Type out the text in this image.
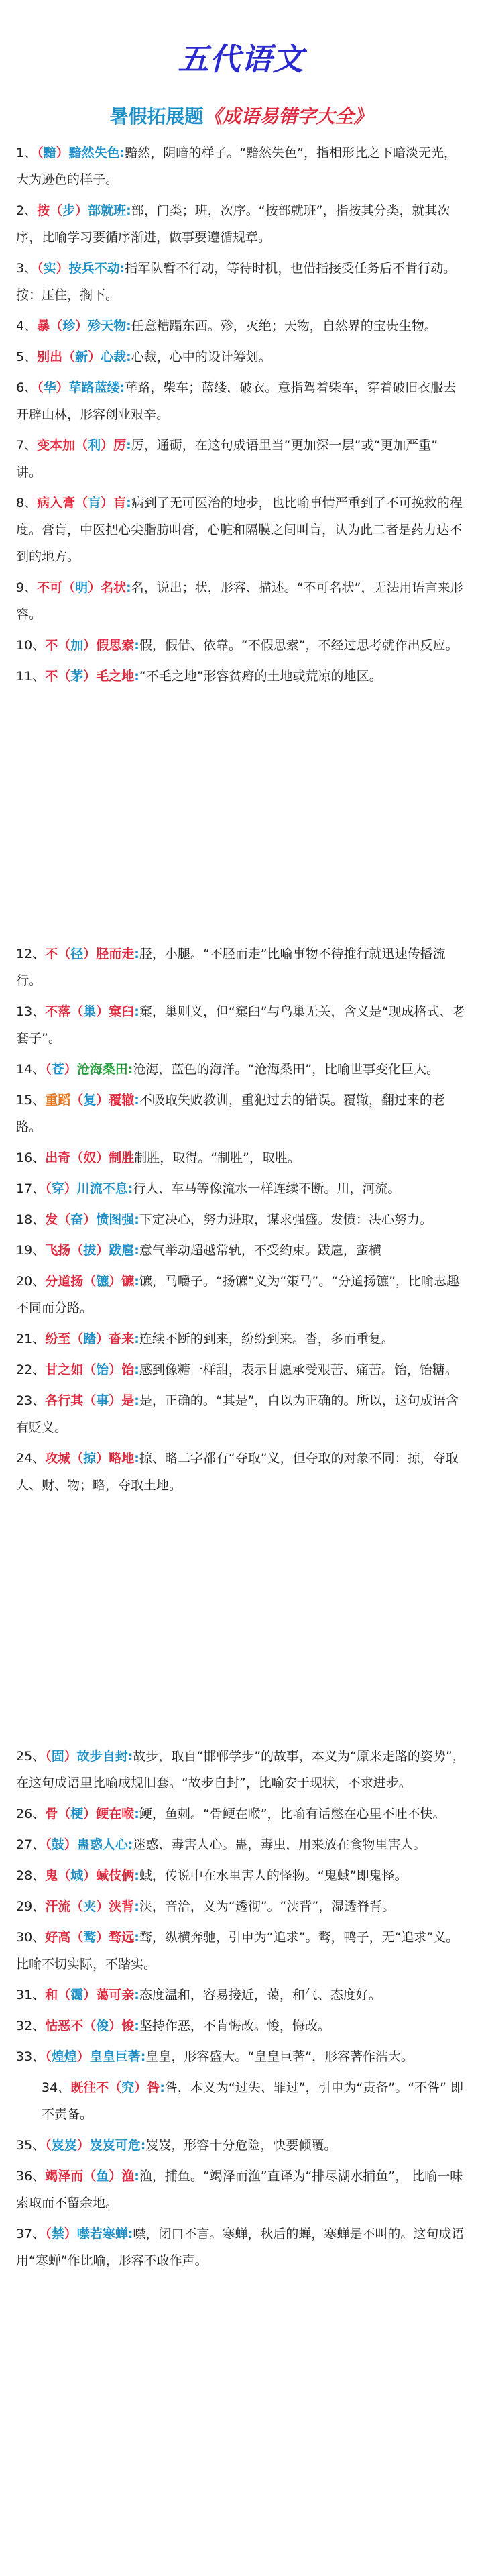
五代语文
暑假拓展题《成语易错字大全》

1、（黯）黯然失色:黯然，阴暗的样子。“黯然失色”，指相形比之下暗淡无光，大为逊色的样子。

2、按（步）部就班:部，门类；班，次序。“按部就班”，指按其分类，就其次序，比喻学习要循序渐进，做事要遵循规章。

3、（实）按兵不动:指军队暂不行动，等待时机，也借指接受任务后不肯行动。按：压住，搁下。

4、暴（珍）殄天物:任意糟蹋东西。殄，灭绝；天物，自然界的宝贵生物。

5、别出（新）心裁:心裁，心中的设计筹划。

6、（华）荜路蓝缕:荜路，柴车；蓝缕，破衣。意指驾着柴车，穿着破旧衣服去开辟山林，形容创业艰辛。

7、变本加（利）厉:厉，通砺，在这句成语里当“更加深一层”或“更加严重” 讲。

8、病入膏（肓）肓:病到了无可医治的地步，也比喻事情严重到了不可挽救的程度。膏肓，中医把心尖脂肪叫膏，心脏和隔膜之间叫肓，认为此二者是药力达不到的地方。

9、不可（明）名状:名，说出；状，形容、描述。“不可名状”，无法用语言来形容。

10、不（加）假思索:假，假借、依靠。“不假思索”，不经过思考就作出反应。

11、不（茅）毛之地:“不毛之地”形容贫瘠的土地或荒凉的地区。

12、不（径）胫而走:胫，小腿。“不胫而走”比喻事物不待推行就迅速传播流行。

13、不落（巢）窠臼:窠，巢则义，但“窠臼”与鸟巢无关，含义是“现成格式、老套子”。

14、（苍）沧海桑田:沧海，蓝色的海洋。“沧海桑田”，比喻世事变化巨大。

15、重蹈（复）覆辙:不吸取失败教训，重犯过去的错误。覆辙，翻过来的老路。

16、出奇（奴）制胜制胜，取得。“制胜”，取胜。

17、（穿）川流不息:行人、车马等像流水一样连续不断。川，河流。

18、发（奋）愤图强:下定决心，努力进取，谋求强盛。发愤：决心努力。

19、飞扬（拔）跋扈:意气举动超越常轨，不受约束。跋扈，蛮横

20、分道扬（镳）镳:镳，马嚼子。“扬镳”义为“策马”。“分道扬镳”，比喻志趣不同而分路。

21、纷至（踏）沓来:连续不断的到来，纷纷到来。沓，多而重复。

22、甘之如（饴）饴:感到像糖一样甜，表示甘愿承受艰苦、痛苦。饴，饴糖。

23、各行其（事）是:是，正确的。“其是”，自以为正确的。所以，这句成语含有贬义。

24、攻城（掠）略地:掠、略二字都有“夺取”义，但夺取的对象不同：掠，夺取人、财、物；略，夺取土地。

25、（固）故步自封:故步，取自“邯郸学步”的故事，本义为“原来走路的姿势”，在这句成语里比喻成规旧套。“故步自封”，比喻安于现状，不求进步。

26、骨（梗）鲠在喉:鲠，鱼刺。“骨鲠在喉”，比喻有话憋在心里不吐不快。

27、（鼓）蛊惑人心:迷惑、毒害人心。蛊，毒虫，用来放在食物里害人。

28、鬼（域）蜮伎俩:蜮，传说中在水里害人的怪物。“鬼蜮”即鬼怪。

29、汗流（夹）浃背:浃，音洽，义为“透彻”。“浃背”，湿透脊背。

30、好高（鹜）骛远:骛，纵横奔驰，引申为“追求”。鹜，鸭子，无“追求”义。比喻不切实际，不踏实。

31、和（霭）蔼可亲:态度温和，容易接近，蔼，和气、态度好。

32、怙恶不（俊）悛:坚持作恶，不肯悔改。悛，悔改。

33、（煌煌）皇皇巨著:皇皇，形容盛大。“皇皇巨著”，形容著作浩大。

34、既往不（究）咎:咎，本义为“过失、罪过”，引申为“责备”。“不咎” 即不责备。

35、（岌岌）岌岌可危:岌岌，形容十分危险，快要倾覆。

36、竭泽而（鱼）渔:渔，捕鱼。“竭泽而渔”直译为“排尽湖水捕鱼”， 比喻一味索取而不留余地。

37、（禁）噤若寒蝉:噤，闭口不言。寒蝉，秋后的蝉，寒蝉是不叫的。这句成语用“寒蝉”作比喻，形容不敢作声。
